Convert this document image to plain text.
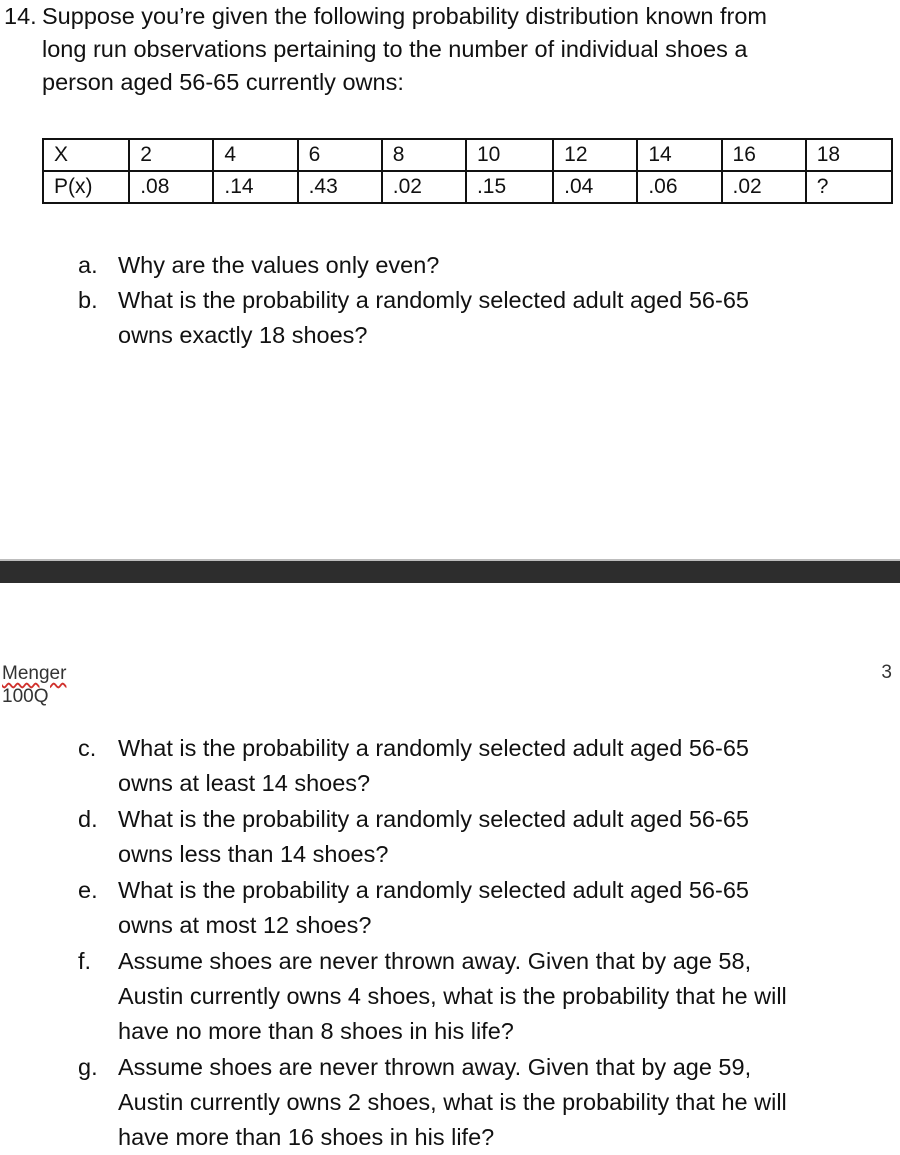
14. Suppose you’re given the following probability distribution known from
long run observations pertaining to the number of individual shoes a
person aged 56-65 currently owns:
X	2	4	6	8	10	12	14	16	18
P(x)	.08	.14	.43	.02	.15	.04	.06	.02	?
a. Why are the values only even?
b. What is the probability a randomly selected adult aged 56-65
owns exactly 18 shoes?
Menger
100Q
3
c. What is the probability a randomly selected adult aged 56-65
owns at least 14 shoes?
d. What is the probability a randomly selected adult aged 56-65
owns less than 14 shoes?
e. What is the probability a randomly selected adult aged 56-65
owns at most 12 shoes?
f. Assume shoes are never thrown away. Given that by age 58,
Austin currently owns 4 shoes, what is the probability that he will
have no more than 8 shoes in his life?
g. Assume shoes are never thrown away. Given that by age 59,
Austin currently owns 2 shoes, what is the probability that he will
have more than 16 shoes in his life?
